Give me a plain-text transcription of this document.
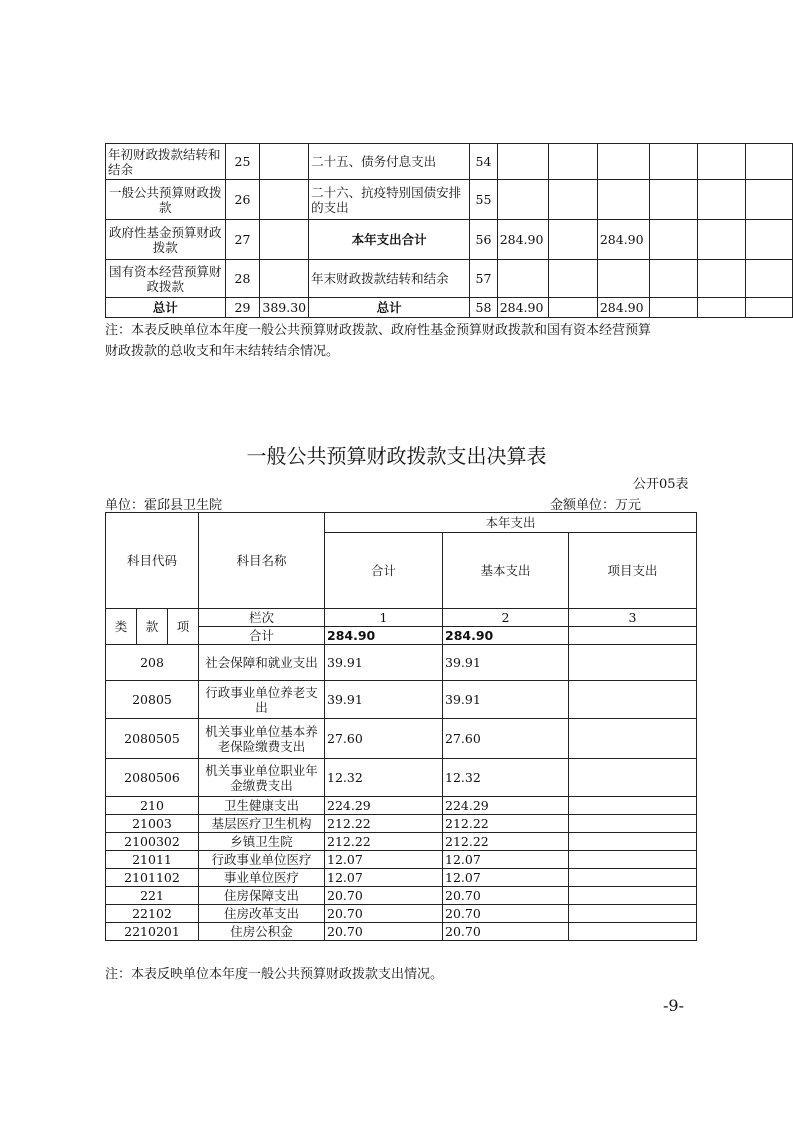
年初财政拨款结转和结余	25		二十五、债务付息支出	54						
一般公共预算财政拨款	26		二十六、抗疫特别国债安排的支出	55						
政府性基金预算财政拨款	27		本年支出合计	56	284.90		284.90			
国有资本经营预算财政拨款	28		年末财政拨款结转和结余	57						
总计	29	389.30	总计	58	284.90		284.90			
注：本表反映单位本年度一般公共预算财政拨款、政府性基金预算财政拨款和国有资本经营预算
财政拨款的总收支和年末结转结余情况。
一般公共预算财政拨款支出决算表
公开05表
单位：霍邱县卫生院	金额单位：万元
科目代码			科目名称	本年支出		
				合计	基本支出	项目支出
类	款	项	栏次	1	2	3
			合计	284.90	284.90	
208			社会保障和就业支出	39.91	39.91	
20805			行政事业单位养老支出	39.91	39.91	
2080505			机关事业单位基本养老保险缴费支出	27.60	27.60	
2080506			机关事业单位职业年金缴费支出	12.32	12.32	
210			卫生健康支出	224.29	224.29	
21003			基层医疗卫生机构	212.22	212.22	
2100302			乡镇卫生院	212.22	212.22	
21011			行政事业单位医疗	12.07	12.07	
2101102			事业单位医疗	12.07	12.07	
221			住房保障支出	20.70	20.70	
22102			住房改革支出	20.70	20.70	
2210201			住房公积金	20.70	20.70	
注：本表反映单位本年度一般公共预算财政拨款支出情况。
-9-
